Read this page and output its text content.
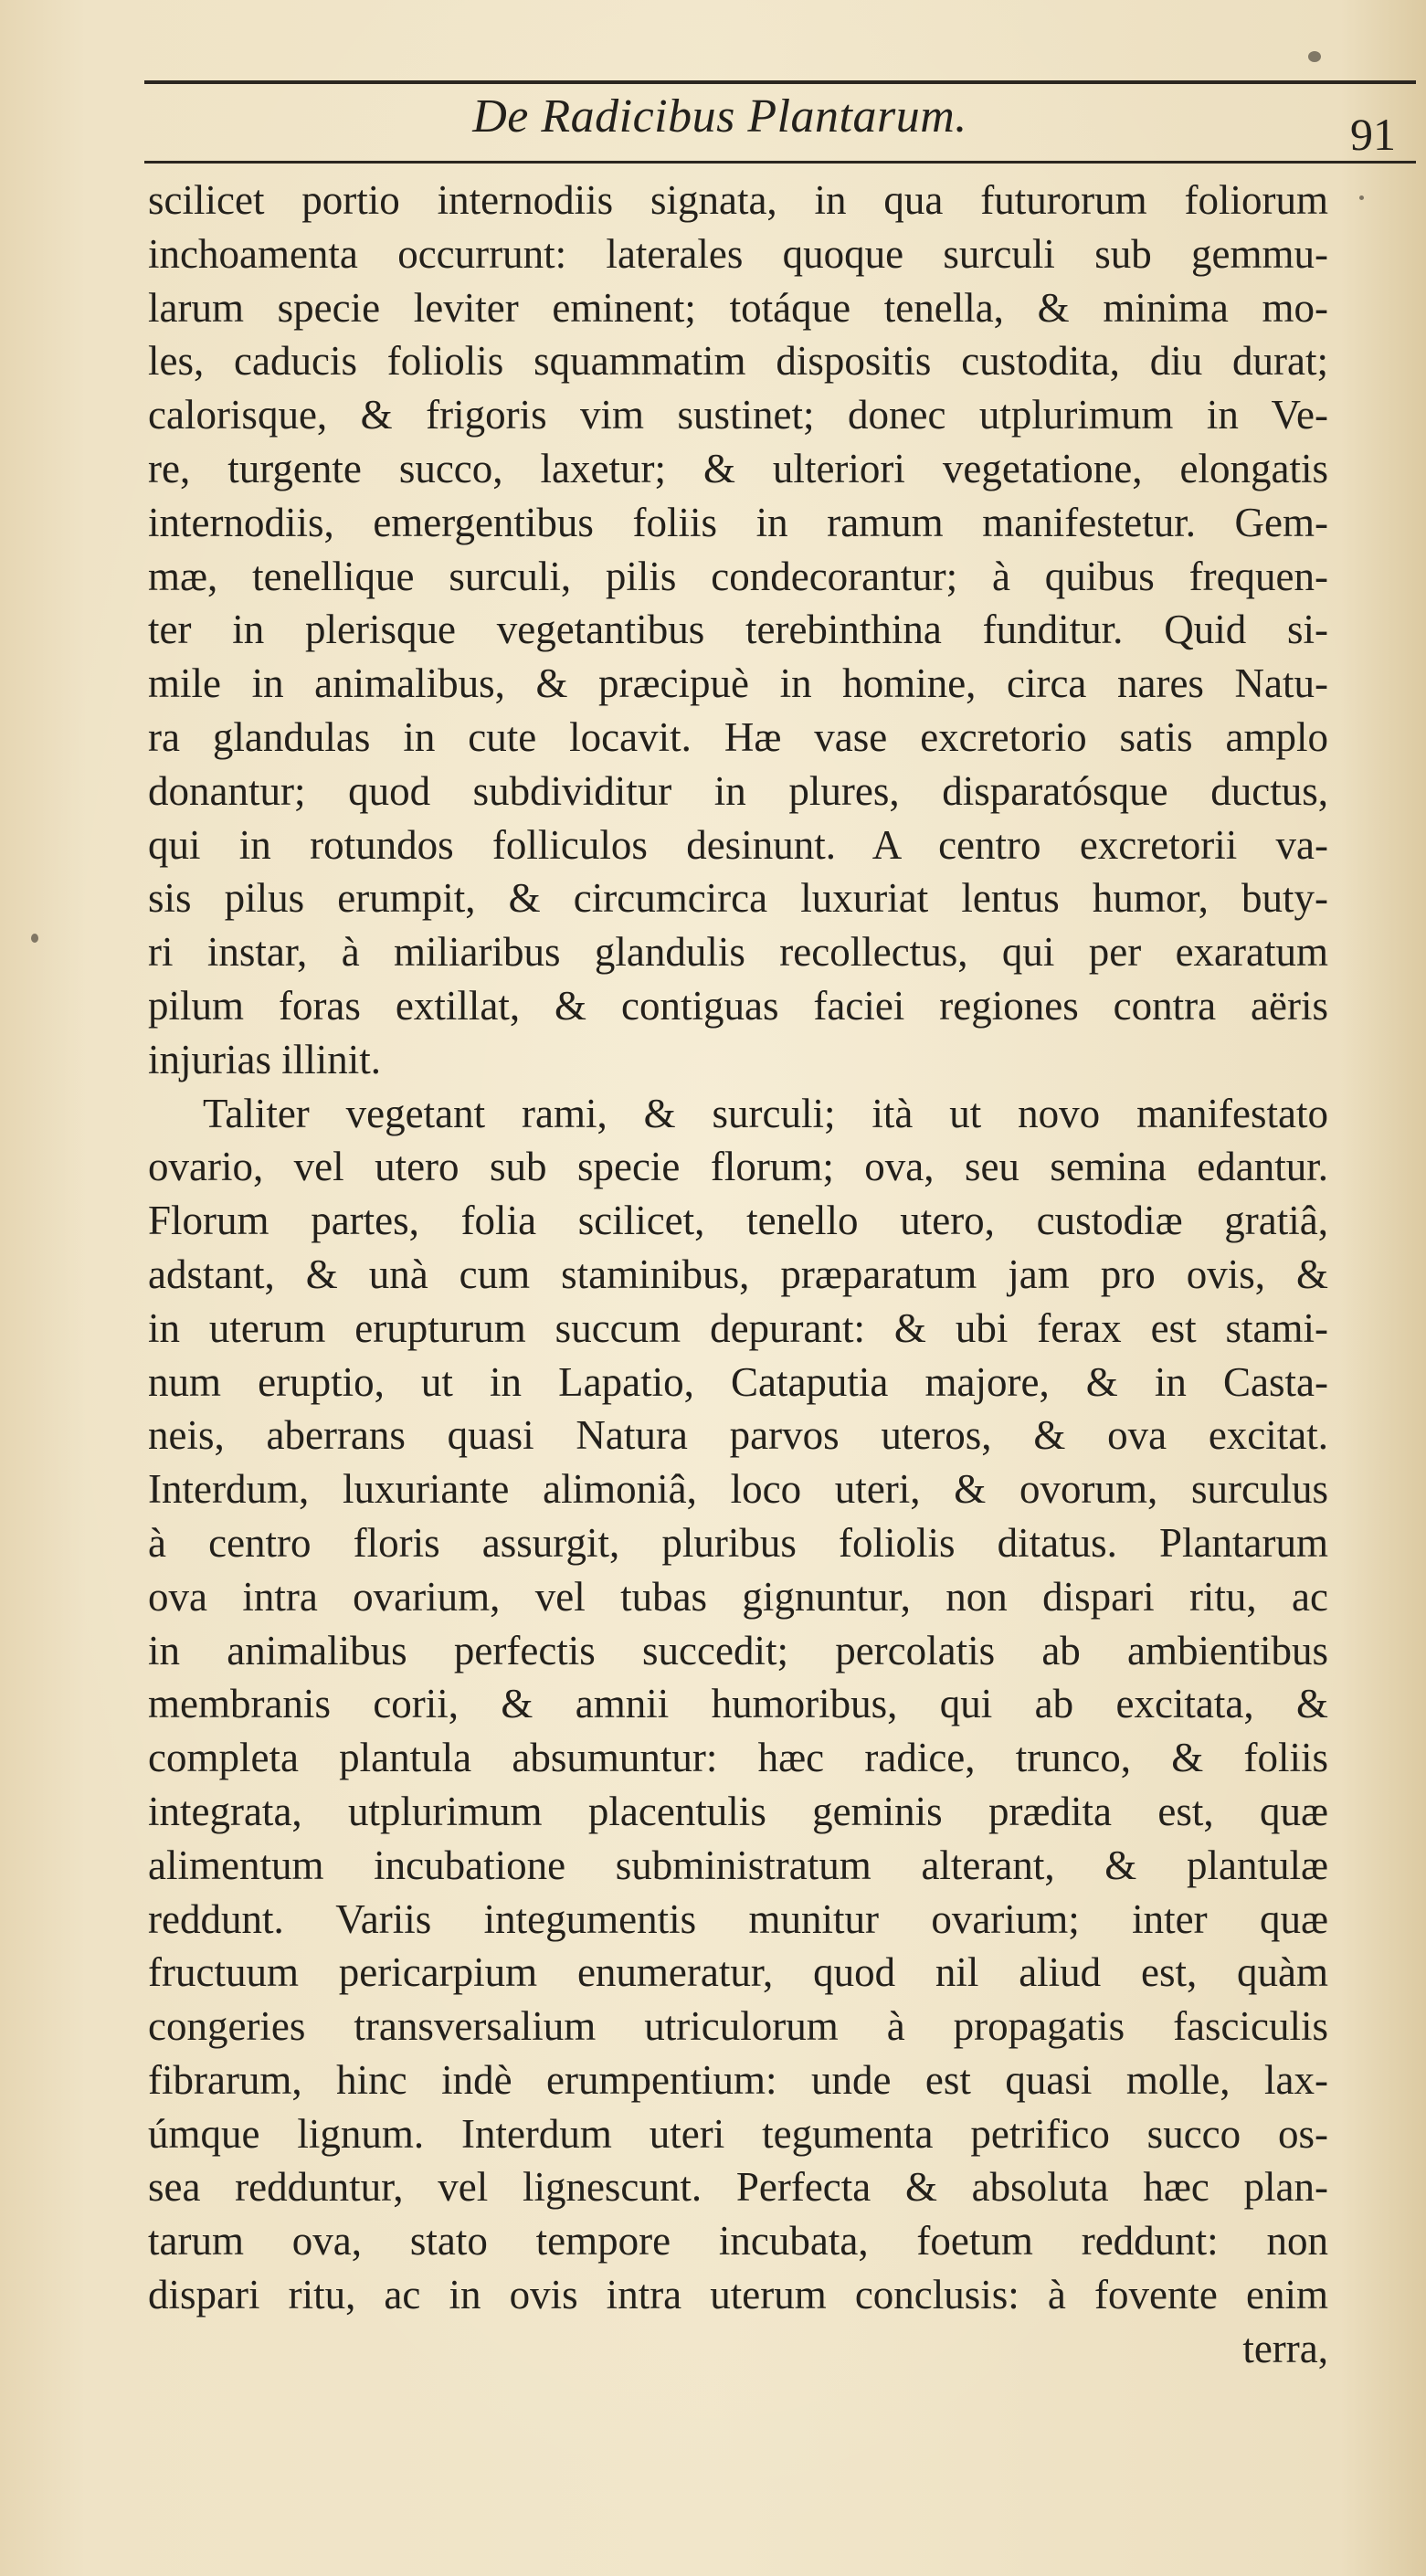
De Radicibus Plantarum.	91
scilicet portio internodiis signata, in qua futurorum foliorum
inchoamenta occurrunt: laterales quoque surculi sub gemmu-
larum specie leviter eminent; totáque tenella, & minima mo-
les, caducis foliolis squammatim dispositis custodita, diu durat;
calorisque, & frigoris vim sustinet; donec utplurimum in Ve-
re, turgente succo, laxetur; & ulteriori vegetatione, elongatis
internodiis, emergentibus foliis in ramum manifestetur. Gem-
mæ, tenellique surculi, pilis condecorantur; à quibus frequen-
ter in plerisque vegetantibus terebinthina funditur. Quid si-
mile in animalibus, & præcipuè in homine, circa nares Natu-
ra glandulas in cute locavit. Hæ vase excretorio satis amplo
donantur; quod subdividitur in plures, disparatósque ductus,
qui in rotundos folliculos desinunt. A centro excretorii va-
sis pilus erumpit, & circumcirca luxuriat lentus humor, buty-
ri instar, à miliaribus glandulis recollectus, qui per exaratum
pilum foras extillat, & contiguas faciei regiones contra aëris
injurias illinit.
Taliter vegetant rami, & surculi; ità ut novo manifestato
ovario, vel utero sub specie florum; ova, seu semina edantur.
Florum partes, folia scilicet, tenello utero, custodiæ gratiâ,
adstant, & unà cum staminibus, præparatum jam pro ovis, &
in uterum erupturum succum depurant: & ubi ferax est stami-
num eruptio, ut in Lapatio, Cataputia majore, & in Casta-
neis, aberrans quasi Natura parvos uteros, & ova excitat.
Interdum, luxuriante alimoniâ, loco uteri, & ovorum, surculus
à centro floris assurgit, pluribus foliolis ditatus. Plantarum
ova intra ovarium, vel tubas gignuntur, non dispari ritu, ac
in animalibus perfectis succedit; percolatis ab ambientibus
membranis corii, & amnii humoribus, qui ab excitata, &
completa plantula absumuntur: hæc radice, trunco, & foliis
integrata, utplurimum placentulis geminis prædita est, quæ
alimentum incubatione subministratum alterant, & plantulæ
reddunt. Variis integumentis munitur ovarium; inter quæ
fructuum pericarpium enumeratur, quod nil aliud est, quàm
congeries transversalium utriculorum à propagatis fasciculis
fibrarum, hinc indè erumpentium: unde est quasi molle, lax-
úmque lignum. Interdum uteri tegumenta petrifico succo os-
sea redduntur, vel lignescunt. Perfecta & absoluta hæc plan-
tarum ova, stato tempore incubata, foetum reddunt: non
dispari ritu, ac in ovis intra uterum conclusis: à fovente enim
terra,
